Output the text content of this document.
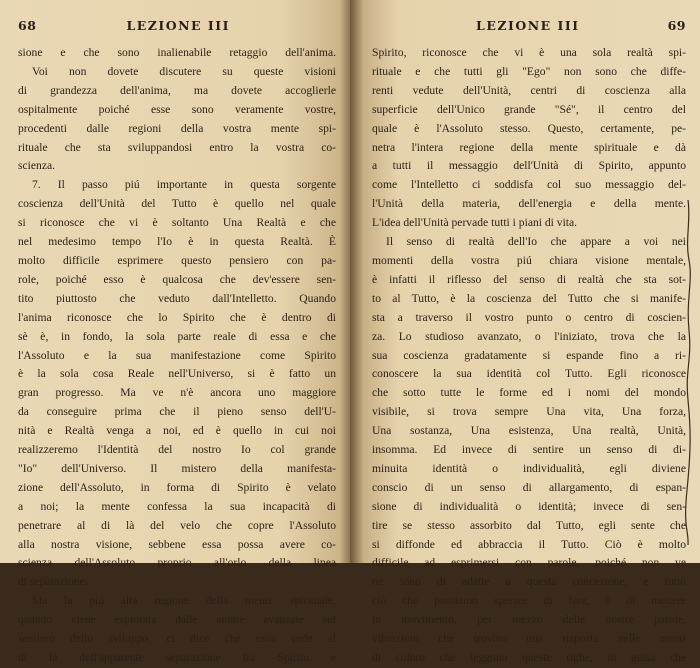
68	LEZIONE III
sione e che sono inalienabile retaggio dell'anima.
Voi non dovete discutere su queste visioni
di grandezza dell'anima, ma dovete accoglierle
ospitalmente poiché esse sono veramente vostre,
procedenti dalle regioni della vostra mente spi-
rituale che sta sviluppandosi entro la vostra co-
scienza.
7. Il passo piú importante in questa sorgente
coscienza dell'Unità del Tutto è quello nel quale
si riconosce che vi è soltanto Una Realtà e che
nel medesimo tempo l'Io è in questa Realtà. È
molto difficile esprimere questo pensiero con pa-
role, poiché esso è qualcosa che dev'essere sen-
tito piuttosto che veduto dall'Intelletto. Quando
l'anima riconosce che lo Spirito che è dentro di
sè è, in fondo, la sola parte reale di essa e che
l'Assoluto e la sua manifestazione come Spirito
è la sola cosa Reale nell'Universo, si è fatto un
gran progresso. Ma ve n'è ancora uno maggiore
da conseguire prima che il pieno senso dell'U-
nità e Realtà venga a noi, ed è quello in cui noi
realizzeremo l'Identità del nostro Io col grande
"Io" dell'Universo. Il mistero della manifesta-
zione dell'Assoluto, in forma di Spirito è velato
a noi; la mente confessa la sua incapacità di
penetrare al di là del velo che copre l'Assoluto
alla nostra visione, sebbene essa possa avere co-
scienza dell'Assoluto proprio all'orlo della linea
di separazione.
Ma la piú alta regione della mente spirituale,
quando viene esplorata dalle anime avanzate sul
sentiero dello sviluppo, ci dice che essa vede al
di là dell'apparente separazione fra Spirito e
LEZIONE III	69
Spirito, riconosce che vi è una sola realtà spi-
rituale e che tutti gli "Ego" non sono che diffe-
renti vedute dell'Unità, centri di coscienza alla
superficie dell'Unico grande "Sé", il centro del
quale è l'Assoluto stesso. Questo, certamente, pe-
netra l'intera regione della mente spirituale e dà
a tutti il messaggio dell'Unità di Spirito, appunto
come l'Intelletto ci soddisfa col suo messaggio del-
l'Unità della materia, dell'energia e della mente.
L'idea dell'Unità pervade tutti i piani di vita.
Il senso di realtà dell'Io che appare a voi nei
momenti della vostra piú chiara visione mentale,
è infatti il riflesso del senso di realtà che sta sot-
to al Tutto, è la coscienza del Tutto che si manife-
sta a traverso il vostro punto o centro di coscien-
za. Lo studioso avanzato, o l'iniziato, trova che la
sua coscienza gradatamente si espande fino a ri-
conoscere la sua identità col Tutto. Egli riconosce
che sotto tutte le forme ed i nomi del mondo
visibile, si trova sempre Una vita, Una forza,
Una sostanza, Una esistenza, Una realtà, Unità,
insomma. Ed invece di sentire un senso di di-
minuita identità o individualità, egli diviene
conscio di un senso di allargamento, di espan-
sione di individualità o identità; invece di sen-
tire se stesso assorbito dal Tutto, egli sente che
si diffonde ed abbraccia il Tutto. Ciò è molto
difficile ad esprimersi con parole, poiché non ve
ne sono di adatte a questa concezione, e tutto
ciò che possiamo sperare di fare, è di mettere
in movimento, per mezzo delle nostre parole,
vibrazioni che trovino una risposta nelle menti
di coloro che leggono queste righe, in guisa che
